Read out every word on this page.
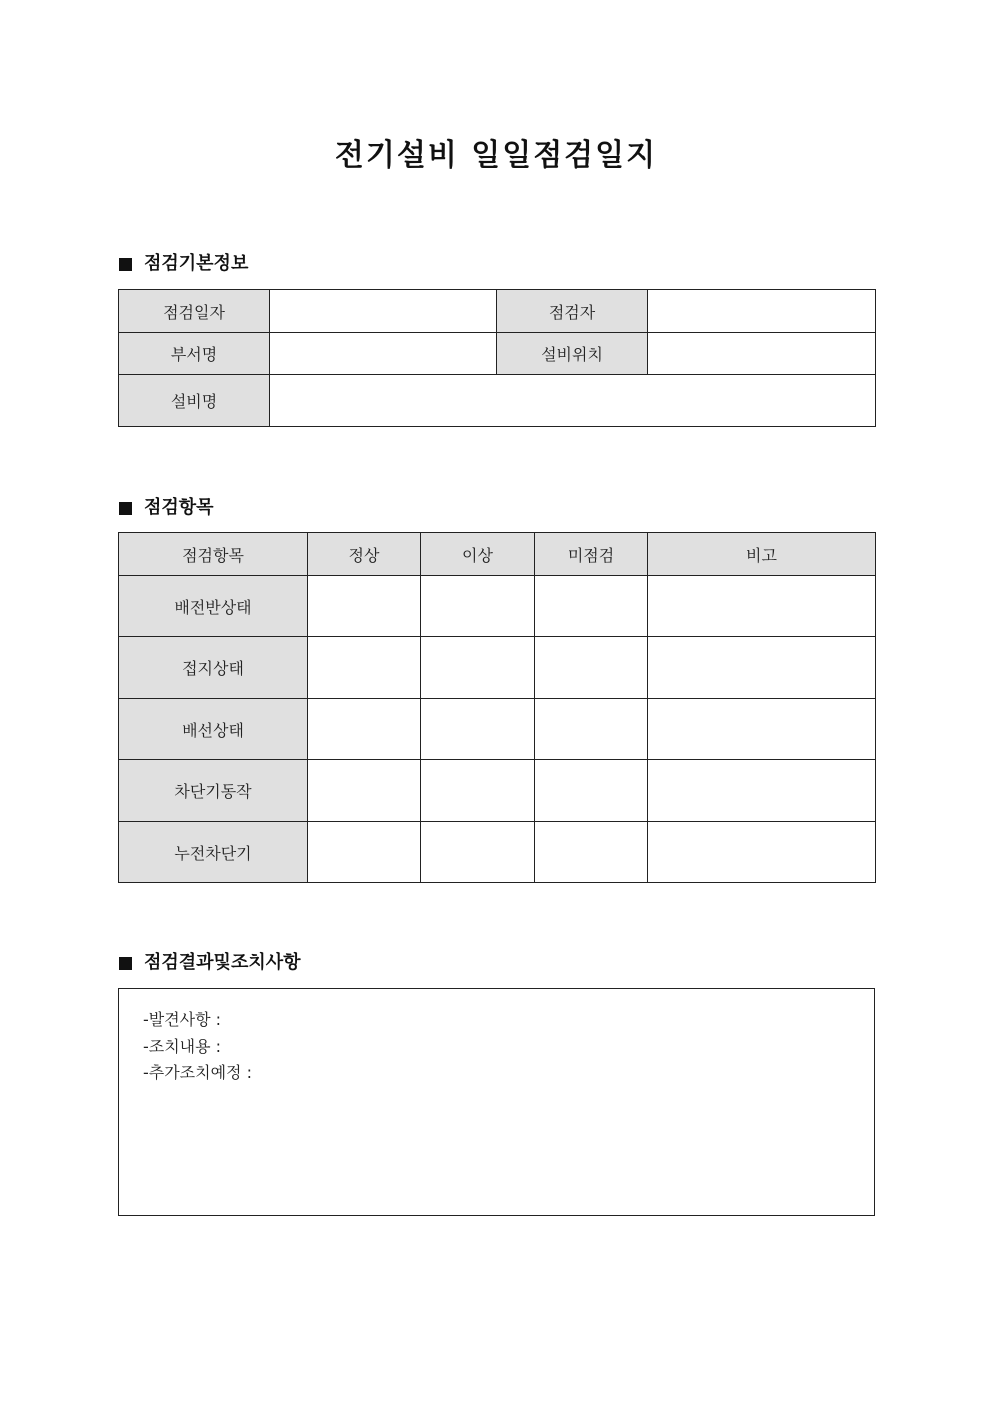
전기설비 일일점검일지
점검기본정보
점검일자		점검자	
부서명		설비위치	
설비명			
점검항목
점검항목	정상	이상	미점검	비고
배전반상태				
접지상태				
배선상태				
차단기동작				
누전차단기				
점검결과및조치사항
-발견사항 :
-조치내용 :
-추가조치예정 :
